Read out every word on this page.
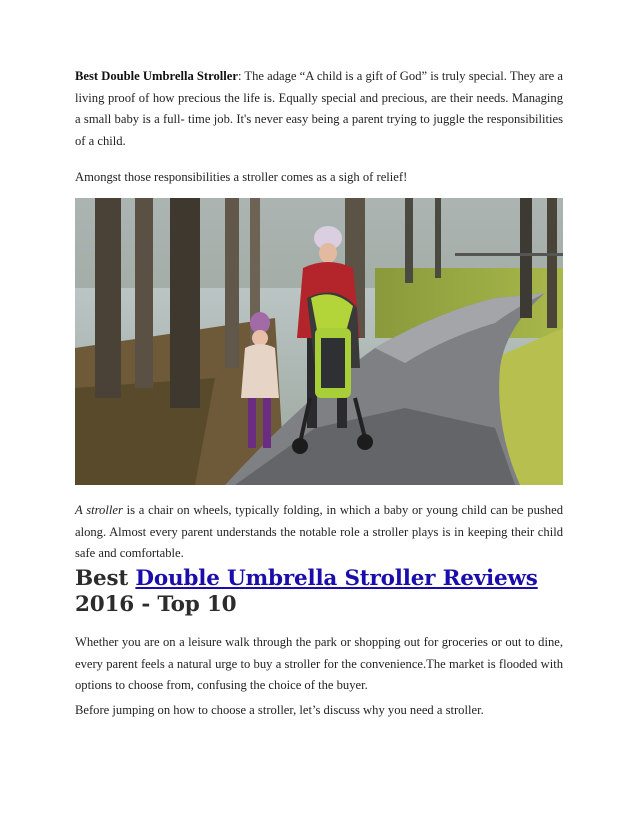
Best Double Umbrella Stroller: The adage “A child is a gift of God” is truly special. They are a living proof of how precious the life is. Equally special and precious, are their needs. Managing a small baby is a full- time job. It's never easy being a parent trying to juggle the responsibilities of a child.

Amongst those responsibilities a stroller comes as a sigh of relief!

A stroller is a chair on wheels, typically folding, in which a baby or young child can be pushed along. Almost every parent understands the notable role a stroller plays is in keeping their child safe and comfortable.

Best Double Umbrella Stroller Reviews 2016 - Top 10

Whether you are on a leisure walk through the park or shopping out for groceries or out to dine, every parent feels a natural urge to buy a stroller for the convenience.The market is flooded with options to choose from, confusing the choice of the buyer.

Before jumping on how to choose a stroller, let’s discuss why you need a stroller.
